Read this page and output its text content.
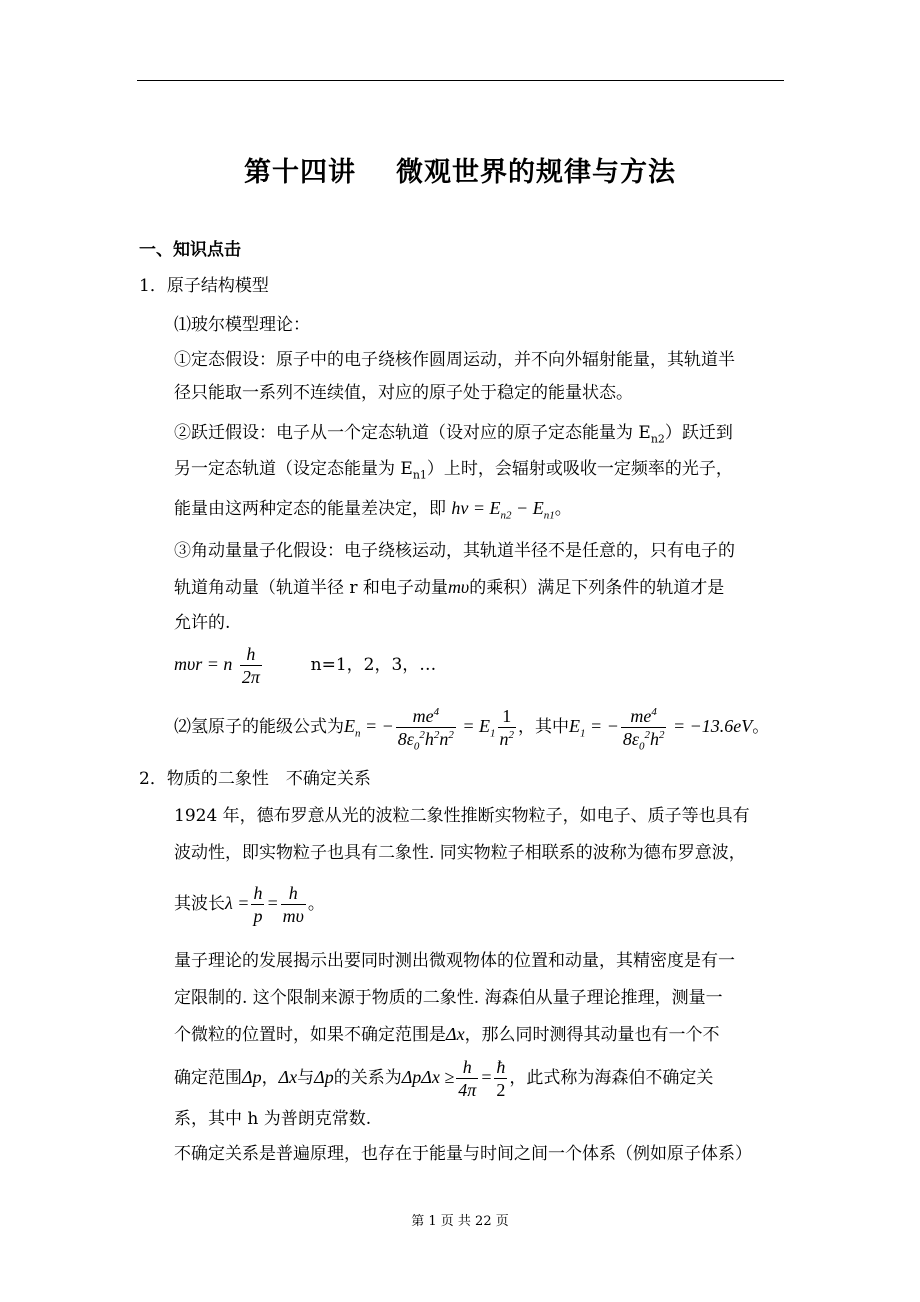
第十四讲 微观世界的规律与方法
一、知识点击
1．原子结构模型
⑴玻尔模型理论：
①定态假设：原子中的电子绕核作圆周运动，并不向外辐射能量，其轨道半
径只能取一系列不连续值，对应的原子处于稳定的能量状态。
②跃迁假设：电子从一个定态轨道（设对应的原子定态能量为 $E_{n2}$）跃迁到
另一定态轨道（设定态能量为 $E_{n1}$）上时，会辐射或吸收一定频率的光子，
能量由这两种定态的能量差决定，即 $h\nu = E_{n2} - E_{n1}$。
③角动量量子化假设：电子绕核运动，其轨道半径不是任意的，只有电子的
轨道角动量（轨道半径 r 和电子动量mυ的乘积）满足下列条件的轨道才是
允许的.
mυr = n $\frac{h}{2\pi}$	n=1，2，3，…
⑵氢原子的能级公式为$E_n$ = − $\frac{me^4}{8\varepsilon_0^2h^2n^2} = E_1 \frac{1}{n^2}$ ，其中$E_1$ = − $\frac{me^4}{8\varepsilon_0^2h^2} = -13.6eV$。
2．物质的二象性　不确定关系
1924 年，德布罗意从光的波粒二象性推断实物粒子，如电子、质子等也具有
波动性，即实物粒子也具有二象性. 同实物粒子相联系的波称为德布罗意波，
其波长$\lambda = \frac{h}{p} = \frac{h}{m\upsilon}$ 。
量子理论的发展揭示出要同时测出微观物体的位置和动量，其精密度是有一
定限制的. 这个限制来源于物质的二象性. 海森伯从量子理论推理，测量一
个微粒的位置时，如果不确定范围是Δx，那么同时测得其动量也有一个不
确定范围Δp，Δx与Δp的关系为$\Delta p\Delta x \ge \frac{h}{4\pi} = \frac{ħ}{2}$ ，此式称为海森伯不确定关
系，其中 h 为普朗克常数.
不确定关系是普遍原理，也存在于能量与时间之间一个体系（例如原子体系）
第 1 页 共 22 页
